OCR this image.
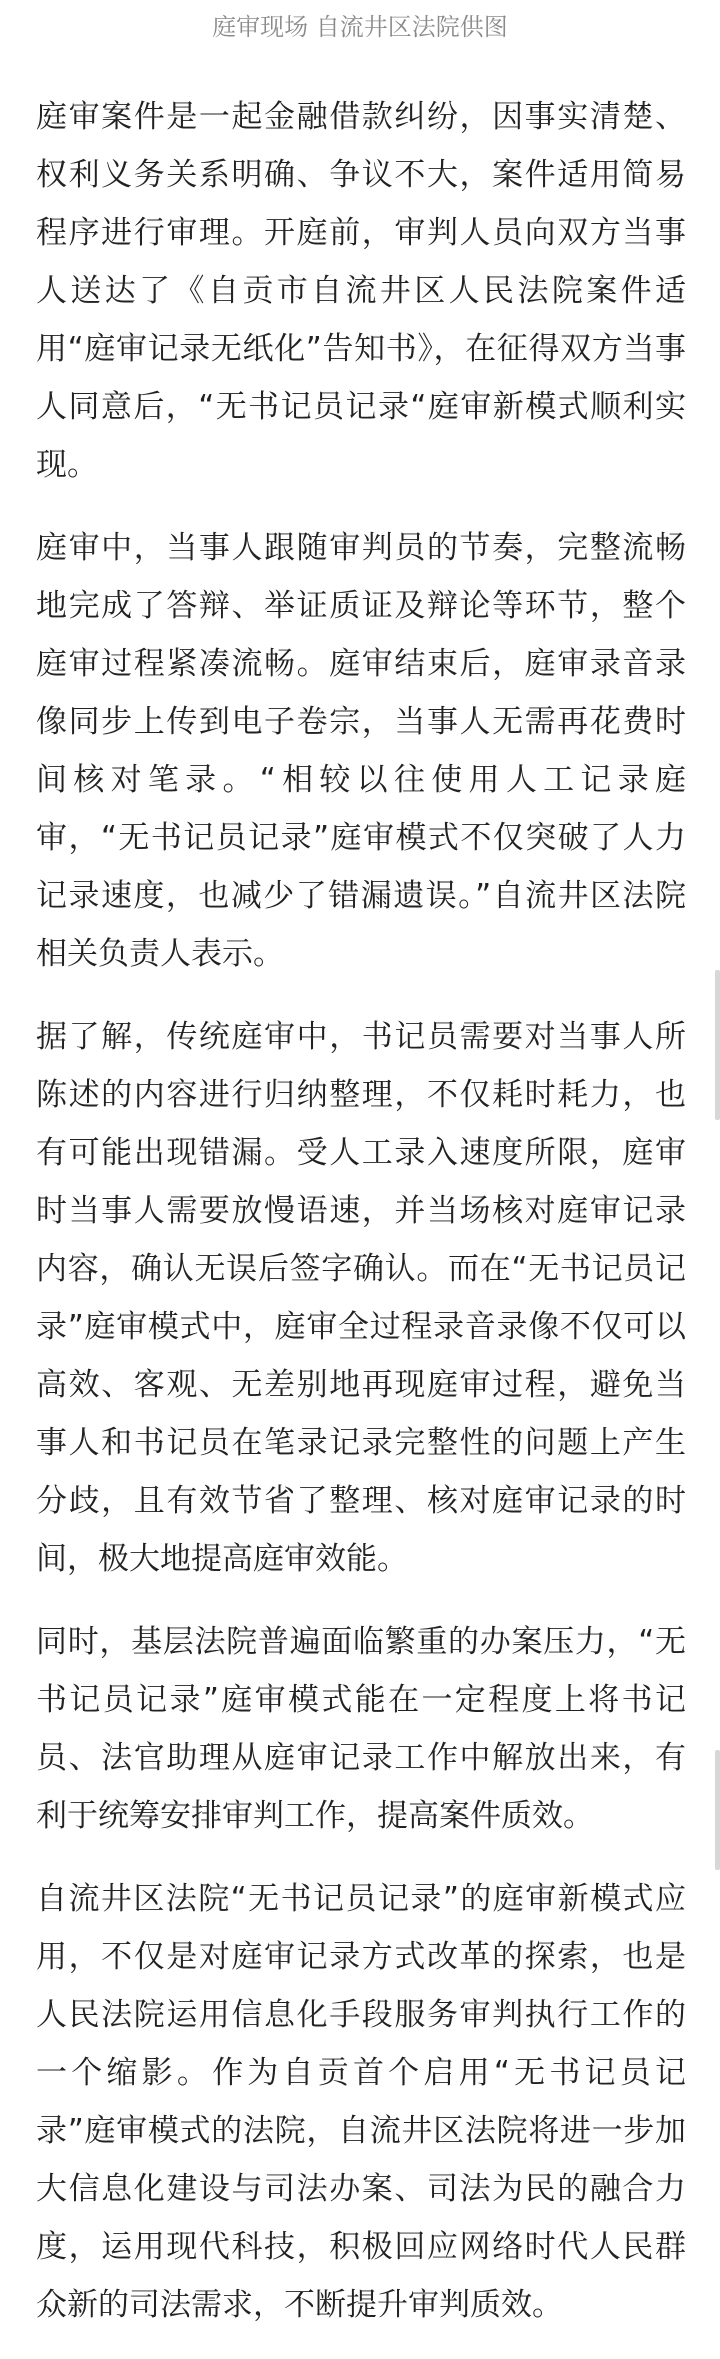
庭审现场 自流井区法院供图

庭审案件是一起金融借款纠纷，因事实清楚、权利义务关系明确、争议不大，案件适用简易程序进行审理。开庭前，审判人员向双方当事人送达了《自贡市自流井区人民法院案件适用“庭审记录无纸化”告知书》，在征得双方当事人同意后，“无书记员记录“庭审新模式顺利实现。

庭审中，当事人跟随审判员的节奏，完整流畅地完成了答辩、举证质证及辩论等环节，整个庭审过程紧凑流畅。庭审结束后，庭审录音录像同步上传到电子卷宗，当事人无需再花费时间核对笔录。“相较以往使用人工记录庭审，“无书记员记录”庭审模式不仅突破了人力记录速度，也减少了错漏遗误。”自流井区法院相关负责人表示。

据了解，传统庭审中，书记员需要对当事人所陈述的内容进行归纳整理，不仅耗时耗力，也有可能出现错漏。受人工录入速度所限，庭审时当事人需要放慢语速，并当场核对庭审记录内容，确认无误后签字确认。而在“无书记员记录”庭审模式中，庭审全过程录音录像不仅可以高效、客观、无差别地再现庭审过程，避免当事人和书记员在笔录记录完整性的问题上产生分歧，且有效节省了整理、核对庭审记录的时间，极大地提高庭审效能。

同时，基层法院普遍面临繁重的办案压力，“无书记员记录”庭审模式能在一定程度上将书记员、法官助理从庭审记录工作中解放出来，有利于统筹安排审判工作，提高案件质效。

自流井区法院“无书记员记录”的庭审新模式应用，不仅是对庭审记录方式改革的探索，也是人民法院运用信息化手段服务审判执行工作的一个缩影。作为自贡首个启用“无书记员记录”庭审模式的法院，自流井区法院将进一步加大信息化建设与司法办案、司法为民的融合力度，运用现代科技，积极回应网络时代人民群众新的司法需求，不断提升审判质效。
